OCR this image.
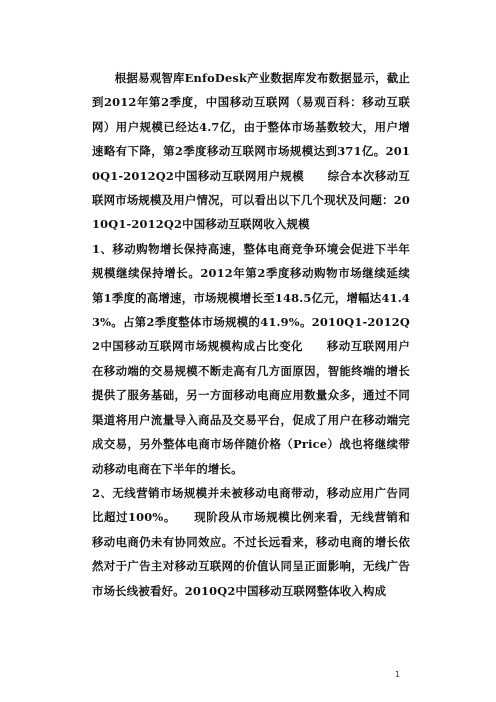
根据易观智库EnfoDesk产业数据库发布数据显示，截止到2012年第2季度，中国移动互联网（易观百科：移动互联网）用户规模已经达4.7亿，由于整体市场基数较大，用户增速略有下降，第2季度移动互联网市场规模达到371亿。2010Q1-2012Q2中国移动互联网用户规模　　综合本次移动互联网市场规模及用户情况，可以看出以下几个现状及问题：2010Q1-2012Q2中国移动互联网收入规模

1、移动购物增长保持高速，整体电商竞争环境会促进下半年规模继续保持增长。2012年第2季度移动购物市场继续延续第1季度的高增速，市场规模增长至148.5亿元，增幅达41.43%。占第2季度整体市场规模的41.9%。2010Q1-2012Q2中国移动互联网市场规模构成占比变化　　移动互联网用户在移动端的交易规模不断走高有几方面原因，智能终端的增长提供了服务基础，另一方面移动电商应用数量众多，通过不同渠道将用户流量导入商品及交易平台，促成了用户在移动端完成交易，另外整体电商市场伴随价格（Price）战也将继续带动移动电商在下半年的增长。

2、无线营销市场规模并未被移动电商带动，移动应用广告同比超过100%。　　现阶段从市场规模比例来看，无线营销和移动电商仍未有协同效应。不过长远看来，移动电商的增长依然对于广告主对移动互联网的价值认同呈正面影响，无线广告市场长线被看好。2010Q2中国移动互联网整体收入构成

1
